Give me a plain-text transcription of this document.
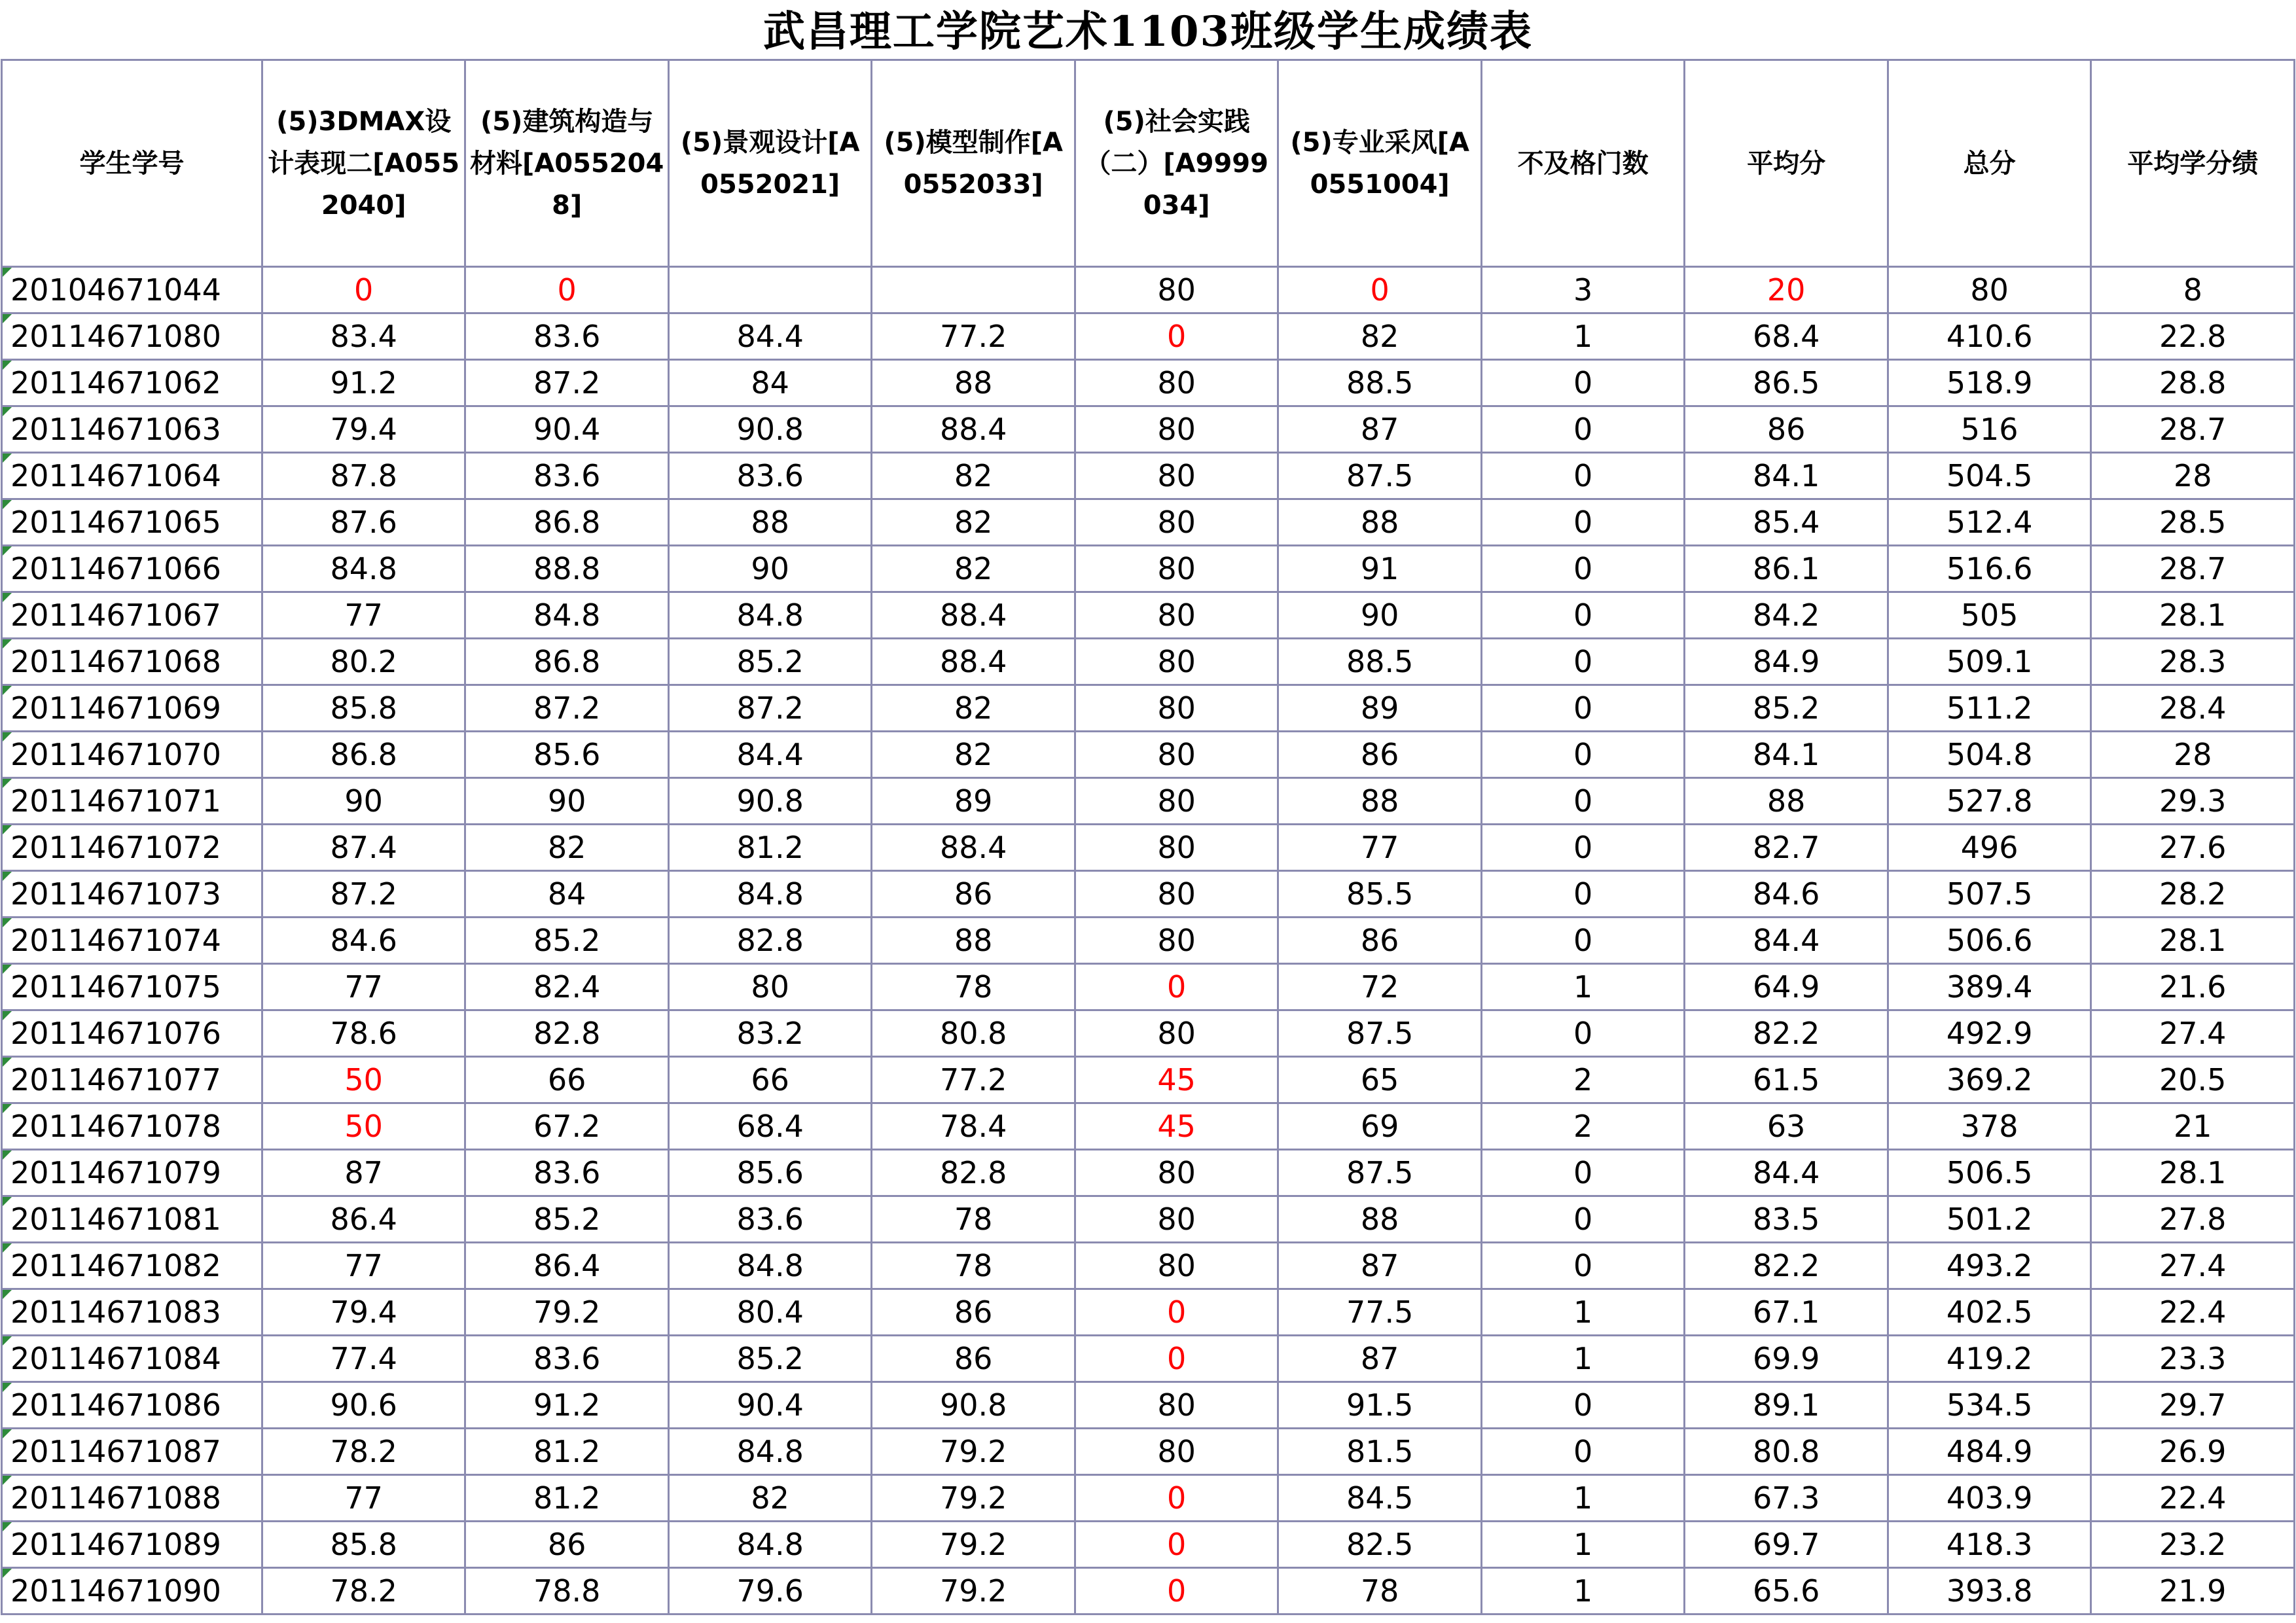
武昌理工学院艺术1103班级学生成绩表
学生学号	(5)3DMAX设计表现二[A0552040]	(5)建筑构造与材料[A0552048]	(5)景观设计[A0552021]	(5)模型制作[A0552033]	(5)社会实践（二）[A9999034]	(5)专业采风[A0551004]	不及格门数	平均分	总分	平均学分绩

20104671044	0	0			80	0	3	20	80	8

20114671080	83.4	83.6	84.4	77.2	0	82	1	68.4	410.6	22.8

20114671062	91.2	87.2	84	88	80	88.5	0	86.5	518.9	28.8

20114671063	79.4	90.4	90.8	88.4	80	87	0	86	516	28.7

20114671064	87.8	83.6	83.6	82	80	87.5	0	84.1	504.5	28

20114671065	87.6	86.8	88	82	80	88	0	85.4	512.4	28.5

20114671066	84.8	88.8	90	82	80	91	0	86.1	516.6	28.7

20114671067	77	84.8	84.8	88.4	80	90	0	84.2	505	28.1

20114671068	80.2	86.8	85.2	88.4	80	88.5	0	84.9	509.1	28.3

20114671069	85.8	87.2	87.2	82	80	89	0	85.2	511.2	28.4

20114671070	86.8	85.6	84.4	82	80	86	0	84.1	504.8	28

20114671071	90	90	90.8	89	80	88	0	88	527.8	29.3

20114671072	87.4	82	81.2	88.4	80	77	0	82.7	496	27.6

20114671073	87.2	84	84.8	86	80	85.5	0	84.6	507.5	28.2

20114671074	84.6	85.2	82.8	88	80	86	0	84.4	506.6	28.1

20114671075	77	82.4	80	78	0	72	1	64.9	389.4	21.6

20114671076	78.6	82.8	83.2	80.8	80	87.5	0	82.2	492.9	27.4

20114671077	50	66	66	77.2	45	65	2	61.5	369.2	20.5

20114671078	50	67.2	68.4	78.4	45	69	2	63	378	21

20114671079	87	83.6	85.6	82.8	80	87.5	0	84.4	506.5	28.1

20114671081	86.4	85.2	83.6	78	80	88	0	83.5	501.2	27.8

20114671082	77	86.4	84.8	78	80	87	0	82.2	493.2	27.4

20114671083	79.4	79.2	80.4	86	0	77.5	1	67.1	402.5	22.4

20114671084	77.4	83.6	85.2	86	0	87	1	69.9	419.2	23.3

20114671086	90.6	91.2	90.4	90.8	80	91.5	0	89.1	534.5	29.7

20114671087	78.2	81.2	84.8	79.2	80	81.5	0	80.8	484.9	26.9

20114671088	77	81.2	82	79.2	0	84.5	1	67.3	403.9	22.4

20114671089	85.8	86	84.8	79.2	0	82.5	1	69.7	418.3	23.2

20114671090	78.2	78.8	79.6	79.2	0	78	1	65.6	393.8	21.9
